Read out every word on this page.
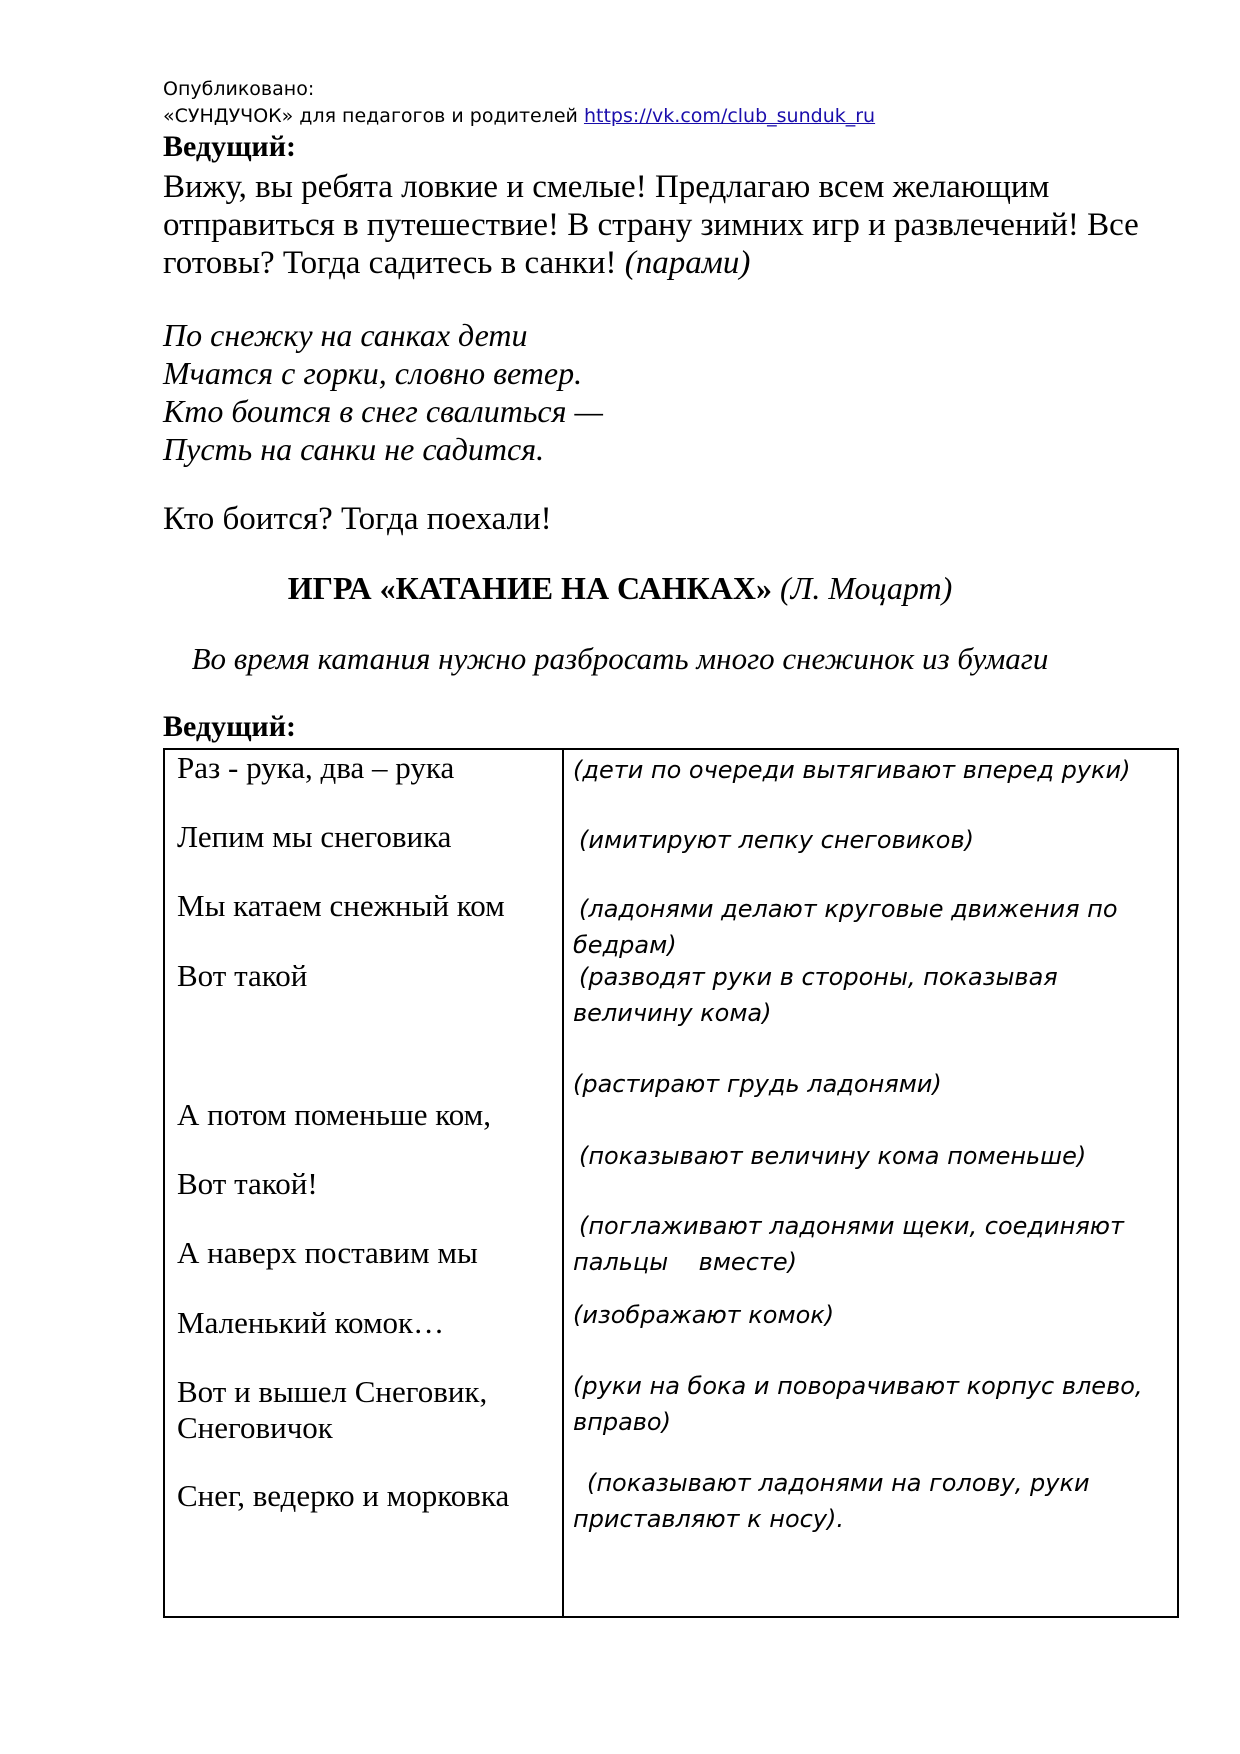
Опубликовано:

«СУНДУЧОК» для педагогов и родителей https://vk.com/club_sunduk_ru

Ведущий:

Вижу, вы ребята ловкие и смелые! Предлагаю всем желающим отправиться в путешествие! В страну зимних игр и развлечений! Все готовы? Тогда садитесь в санки! (парами)

По снежку на санках дети

Мчатся с горки, словно ветер.

Кто боится в снег свалиться —

Пусть на санки не садится.

Кто боится? Тогда поехали!

ИГРА «КАТАНИЕ НА САНКАХ» (Л. Моцарт)

Во время катания нужно разбросать много снежинок из бумаги

Ведущий:

Раз - рука, два – рука
Лепим мы снеговика
Мы катаем снежный ком
Вот такой
А потом поменьше ком,
Вот такой!
А наверх поставим мы
Маленький комок…
Вот и вышел Снеговик, Снеговичок
Снег, ведерко и морковка
(дети по очереди вытягивают вперед руки)
(имитируют лепку снеговиков)
(ладонями делают круговые движения по бедрам)
(разводят руки в стороны, показывая величину кома)
(растирают грудь ладонями)
(показывают величину кома поменьше)
(поглаживают ладонями щеки, соединяют пальцы    вместе)
(изображают комок)
(руки на бока и поворачивают корпус влево, вправо)
(показывают ладонями на голову, руки приставляют к носу).
